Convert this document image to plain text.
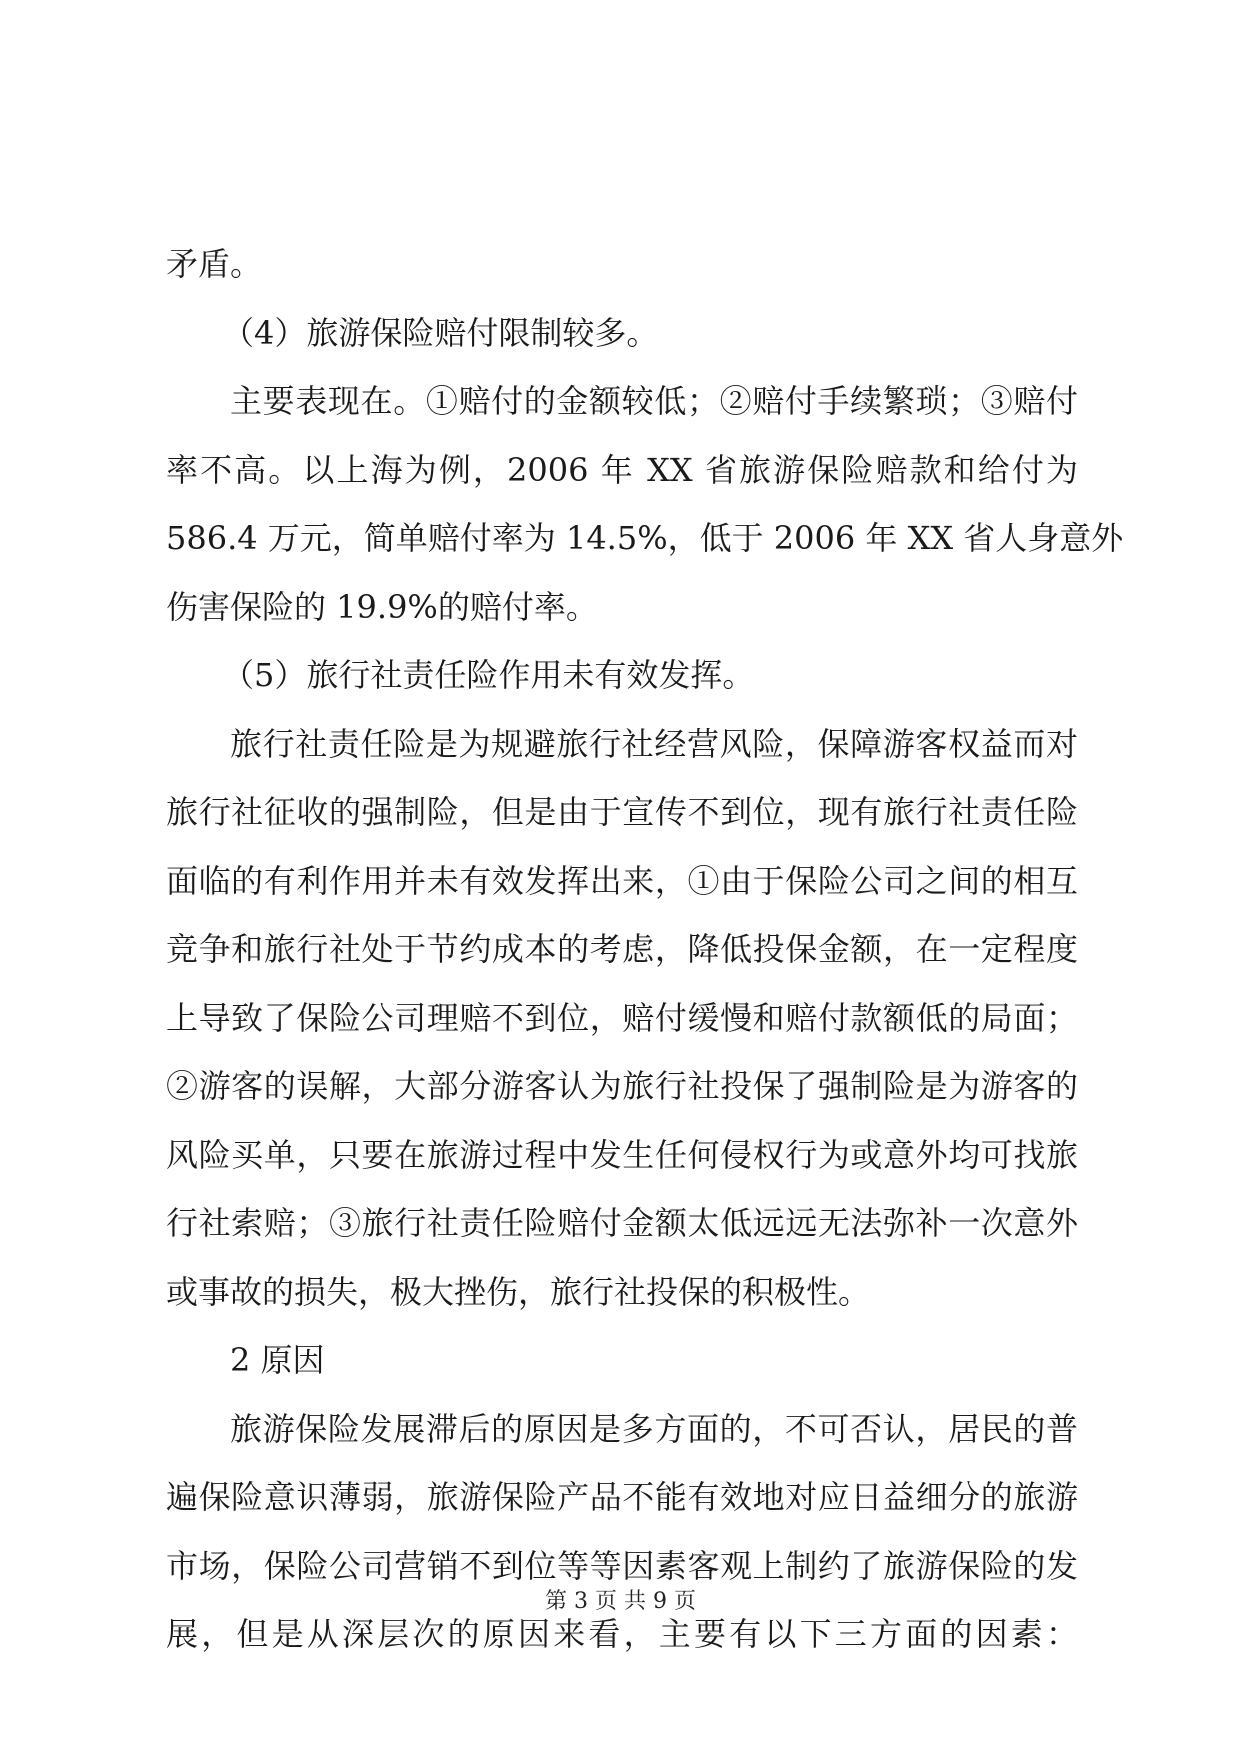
矛盾。
（4）旅游保险赔付限制较多。
主要表现在。①赔付的金额较低；②赔付手续繁琐；③赔付
率不高。以上海为例，2006 年 XX 省旅游保险赔款和给付为
586.4 万元，简单赔付率为 14.5%，低于 2006 年 XX 省人身意外
伤害保险的 19.9%的赔付率。
（5）旅行社责任险作用未有效发挥。
旅行社责任险是为规避旅行社经营风险，保障游客权益而对
旅行社征收的强制险，但是由于宣传不到位，现有旅行社责任险
面临的有利作用并未有效发挥出来，①由于保险公司之间的相互
竞争和旅行社处于节约成本的考虑，降低投保金额，在一定程度
上导致了保险公司理赔不到位，赔付缓慢和赔付款额低的局面；
②游客的误解，大部分游客认为旅行社投保了强制险是为游客的
风险买单，只要在旅游过程中发生任何侵权行为或意外均可找旅
行社索赔；③旅行社责任险赔付金额太低远远无法弥补一次意外
或事故的损失，极大挫伤，旅行社投保的积极性。
2 原因
旅游保险发展滞后的原因是多方面的，不可否认，居民的普
遍保险意识薄弱，旅游保险产品不能有效地对应日益细分的旅游
市场，保险公司营销不到位等等因素客观上制约了旅游保险的发
展，但是从深层次的原因来看，主要有以下三方面的因素：
第 3 页 共 9 页
